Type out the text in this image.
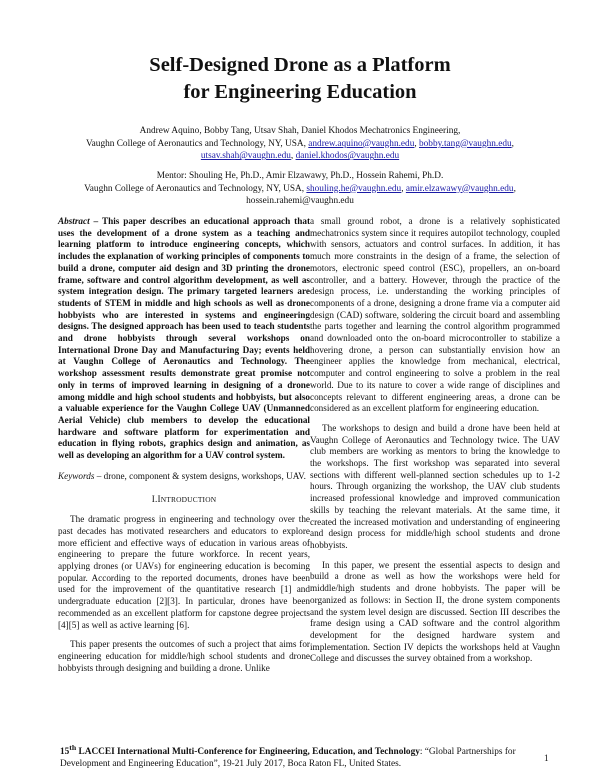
Self-Designed Drone as a Platform
for Engineering Education
Andrew Aquino, Bobby Tang, Utsav Shah, Daniel Khodos Mechatronics Engineering,
Vaughn College of Aeronautics and Technology, NY, USA, andrew.aquino@vaughn.edu, bobby.tang@vaughn.edu,
utsav.shah@vaughn.edu, daniel.khodos@vaughn.edu
Mentor: Shouling He, Ph.D., Amir Elzawawy, Ph.D., Hossein Rahemi, Ph.D.
Vaughn College of Aeronautics and Technology, NY, USA, shouling.he@vaughn.edu, amir.elzawawy@vaughn.edu,
hossein.rahemi@vaughn.edu

Abstract – This paper describes an educational approach that uses the development of a drone system as a teaching and learning platform to introduce engineering concepts, which includes the explanation of working principles of components to build a drone, computer aid design and 3D printing the drone frame, software and control algorithm development, as well as system integration design. The primary targeted learners are students of STEM in middle and high schools as well as drone hobbyists who are interested in systems and engineering designs. The designed approach has been used to teach students and drone hobbyists through several workshops on International Drone Day and Manufacturing Day; events held at Vaughn College of Aeronautics and Technology. The workshop assessment results demonstrate great promise not only in terms of improved learning in designing of a drone among middle and high school students and hobbyists, but also a valuable experience for the Vaughn College UAV (Unmanned Aerial Vehicle) club members to develop the educational hardware and software platform for experimentation and education in flying robots, graphics design and animation, as well as developing an algorithm for a UAV control system.

Keywords – drone, component & system designs, workshops, UAV.

I.INTRODUCTION

The dramatic progress in engineering and technology over the past decades has motivated researchers and educators to explore more efficient and effective ways of education in various areas of engineering to prepare the future workforce. In recent years, applying drones (or UAVs) for engineering education is becoming popular. According to the reported documents, drones have been used for the improvement of the quantitative research [1] and undergraduate education [2][3]. In particular, drones have been recommended as an excellent platform for capstone degree projects [4][5] as well as active learning [6].

This paper presents the outcomes of such a project that aims for engineering education for middle/high school students and drone hobbyists through designing and building a drone. Unlike

a small ground robot, a drone is a relatively sophisticated mechatronics system since it requires autopilot technology, coupled with sensors, actuators and control surfaces. In addition, it has much more constraints in the design of a frame, the selection of motors, electronic speed control (ESC), propellers, an on-board controller, and a battery. However, through the practice of the design process, i.e. understanding the working principles of components of a drone, designing a drone frame via a computer aid design (CAD) software, soldering the circuit board and assembling the parts together and learning the control algorithm programmed and downloaded onto the on-board microcontroller to stabilize a hovering drone, a person can substantially envision how an engineer applies the knowledge from mechanical, electrical, computer and control engineering to solve a problem in the real world. Due to its nature to cover a wide range of disciplines and concepts relevant to different engineering areas, a drone can be considered as an excellent platform for engineering education.

The workshops to design and build a drone have been held at Vaughn College of Aeronautics and Technology twice. The UAV club members are working as mentors to bring the knowledge to the workshops. The first workshop was separated into several sections with different well-planned section schedules up to 1-2 hours. Through organizing the workshop, the UAV club students increased professional knowledge and improved communication skills by teaching the relevant materials. At the same time, it created the increased motivation and understanding of engineering and design process for middle/high school students and drone hobbyists.

In this paper, we present the essential aspects to design and build a drone as well as how the workshops were held for middle/high students and drone hobbyists. The paper will be organized as follows: in Section II, the drone system components and the system level design are discussed. Section III describes the frame design using a CAD software and the control algorithm development for the designed hardware system and implementation. Section IV depicts the workshops held at Vaughn College and discusses the survey obtained from a workshop.

15th LACCEI International Multi-Conference for Engineering, Education, and Technology: “Global Partnerships for Development and Engineering Education”, 19-21 July 2017, Boca Raton FL, United States.
1
